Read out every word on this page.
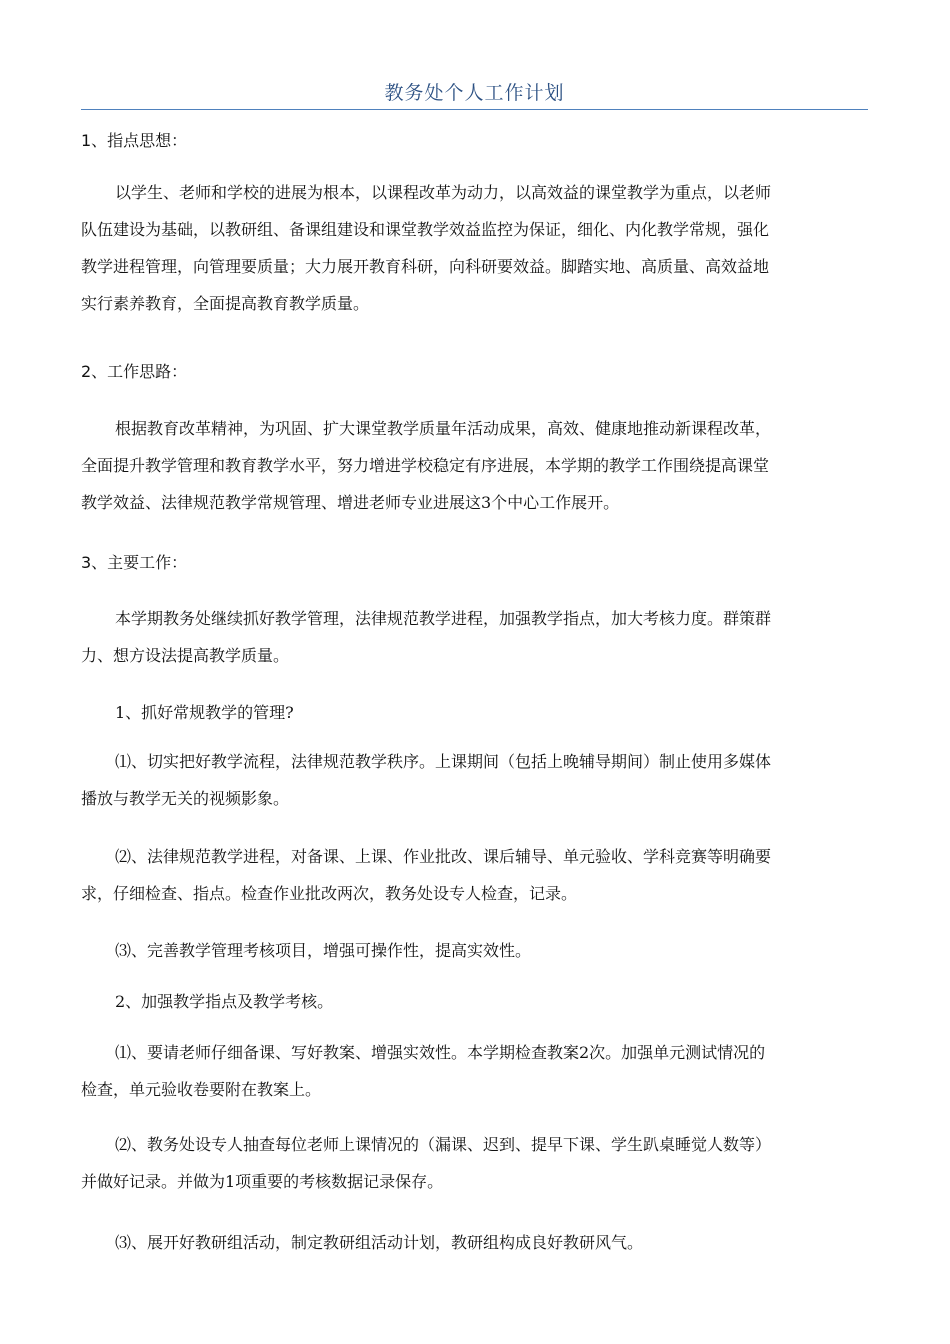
教务处个人工作计划
1、指点思想：

以学生、老师和学校的进展为根本，以课程改革为动力，以高效益的课堂教学为重点，以老师

队伍建设为基础，以教研组、备课组建设和课堂教学效益监控为保证，细化、内化教学常规，强化

教学进程管理，向管理要质量；大力展开教育科研，向科研要效益。脚踏实地、高质量、高效益地

实行素养教育，全面提高教育教学质量。

2、工作思路：

根据教育改革精神，为巩固、扩大课堂教学质量年活动成果，高效、健康地推动新课程改革，

全面提升教学管理和教育教学水平，努力增进学校稳定有序进展，本学期的教学工作围绕提高课堂

教学效益、法律规范教学常规管理、增进老师专业进展这3个中心工作展开。

3、主要工作：

本学期教务处继续抓好教学管理，法律规范教学进程，加强教学指点，加大考核力度。群策群

力、想方设法提高教学质量。

1、抓好常规教学的管理?

⑴、切实把好教学流程，法律规范教学秩序。上课期间（包括上晚辅导期间）制止使用多媒体

播放与教学无关的视频影象。

⑵、法律规范教学进程，对备课、上课、作业批改、课后辅导、单元验收、学科竞赛等明确要

求，仔细检查、指点。检查作业批改两次，教务处设专人检查，记录。

⑶、完善教学管理考核项目，增强可操作性，提高实效性。

2、加强教学指点及教学考核。

⑴、要请老师仔细备课、写好教案、增强实效性。本学期检查教案2次。加强单元测试情况的

检查，单元验收卷要附在教案上。

⑵、教务处设专人抽查每位老师上课情况的（漏课、迟到、提早下课、学生趴桌睡觉人数等）

并做好记录。并做为1项重要的考核数据记录保存。

⑶、展开好教研组活动，制定教研组活动计划，教研组构成良好教研风气。
